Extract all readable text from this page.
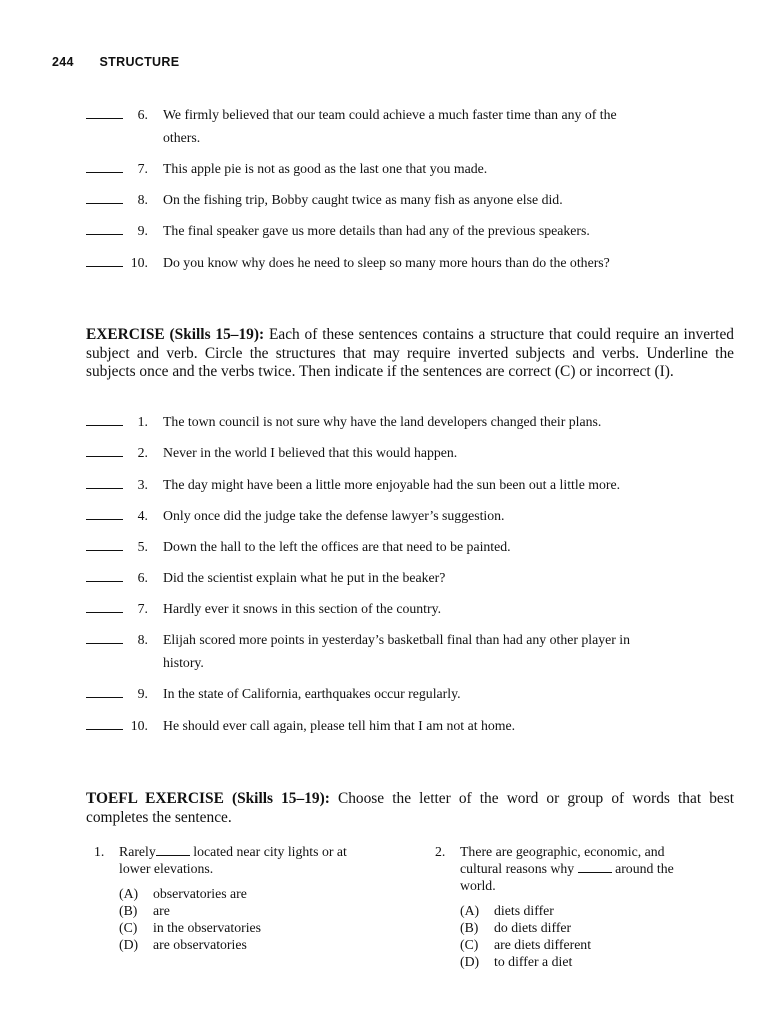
244 STRUCTURE
6. We firmly believed that our team could achieve a much faster time than any of the
others.
7. This apple pie is not as good as the last one that you made.
8. On the fishing trip, Bobby caught twice as many fish as anyone else did.
9. The final speaker gave us more details than had any of the previous speakers.
10. Do you know why does he need to sleep so many more hours than do the others?
EXERCISE (Skills 15–19): Each of these sentences contains a structure that could require an inverted subject and verb. Circle the structures that may require inverted subjects and verbs. Underline the subjects once and the verbs twice. Then indicate if the sentences are correct (C) or incorrect (I).
1. The town council is not sure why have the land developers changed their plans.
2. Never in the world I believed that this would happen.
3. The day might have been a little more enjoyable had the sun been out a little more.
4. Only once did the judge take the defense lawyer’s suggestion.
5. Down the hall to the left the offices are that need to be painted.
6. Did the scientist explain what he put in the beaker?
7. Hardly ever it snows in this section of the country.
8. Elijah scored more points in yesterday’s basketball final than had any other player in
history.
9. In the state of California, earthquakes occur regularly.
10. He should ever call again, please tell him that I am not at home.
TOEFL EXERCISE (Skills 15–19): Choose the letter of the word or group of words that best completes the sentence.
1. Rarely	located near city lights or at
lower elevations.
(A) observatories are
(B) are
(C) in the observatories
(D) are observatories
2. There are geographic, economic, and
cultural reasons why	around the
world.
(A) diets differ
(B) do diets differ
(C) are diets different
(D) to differ a diet
